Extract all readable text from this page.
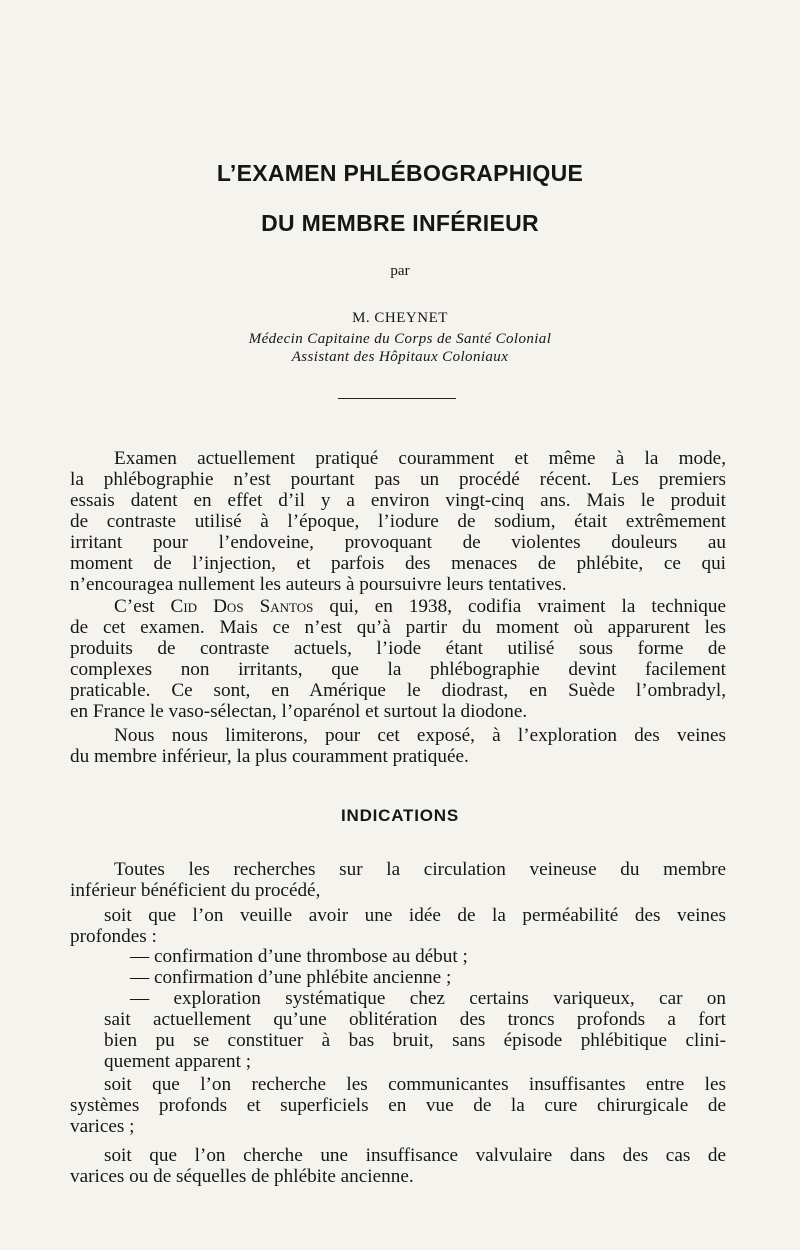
L’EXAMEN PHLÉBOGRAPHIQUE
DU MEMBRE INFÉRIEUR
par
M. CHEYNET
Médecin Capitaine du Corps de Santé Colonial
Assistant des Hôpitaux Coloniaux
Examen actuellement pratiqué couramment et même à la mode,
la phlébographie n’est pourtant pas un procédé récent. Les premiers
essais datent en effet d’il y a environ vingt-cinq ans. Mais le produit
de contraste utilisé à l’époque, l’iodure de sodium, était extrêmement
irritant pour l’endoveine, provoquant de violentes douleurs au
moment de l’injection, et parfois des menaces de phlébite, ce qui
n’encouragea nullement les auteurs à poursuivre leurs tentatives.
C’est Cid Dos Santos qui, en 1938, codifia vraiment la technique
de cet examen. Mais ce n’est qu’à partir du moment où apparurent les
produits de contraste actuels, l’iode étant utilisé sous forme de
complexes non irritants, que la phlébographie devint facilement
praticable. Ce sont, en Amérique le diodrast, en Suède l’ombradyl,
en France le vaso-sélectan, l’oparénol et surtout la diodone.
Nous nous limiterons, pour cet exposé, à l’exploration des veines
du membre inférieur, la plus couramment pratiquée.
INDICATIONS
Toutes les recherches sur la circulation veineuse du membre
inférieur bénéficient du procédé,
soit que l’on veuille avoir une idée de la perméabilité des veines
profondes :
— confirmation d’une thrombose au début ;
— confirmation d’une phlébite ancienne ;
— exploration systématique chez certains variqueux, car on
sait actuellement qu’une oblitération des troncs profonds a fort
bien pu se constituer à bas bruit, sans épisode phlébitique clini-
quement apparent ;
soit que l’on recherche les communicantes insuffisantes entre les
systèmes profonds et superficiels en vue de la cure chirurgicale de
varices ;
soit que l’on cherche une insuffisance valvulaire dans des cas de
varices ou de séquelles de phlébite ancienne.
